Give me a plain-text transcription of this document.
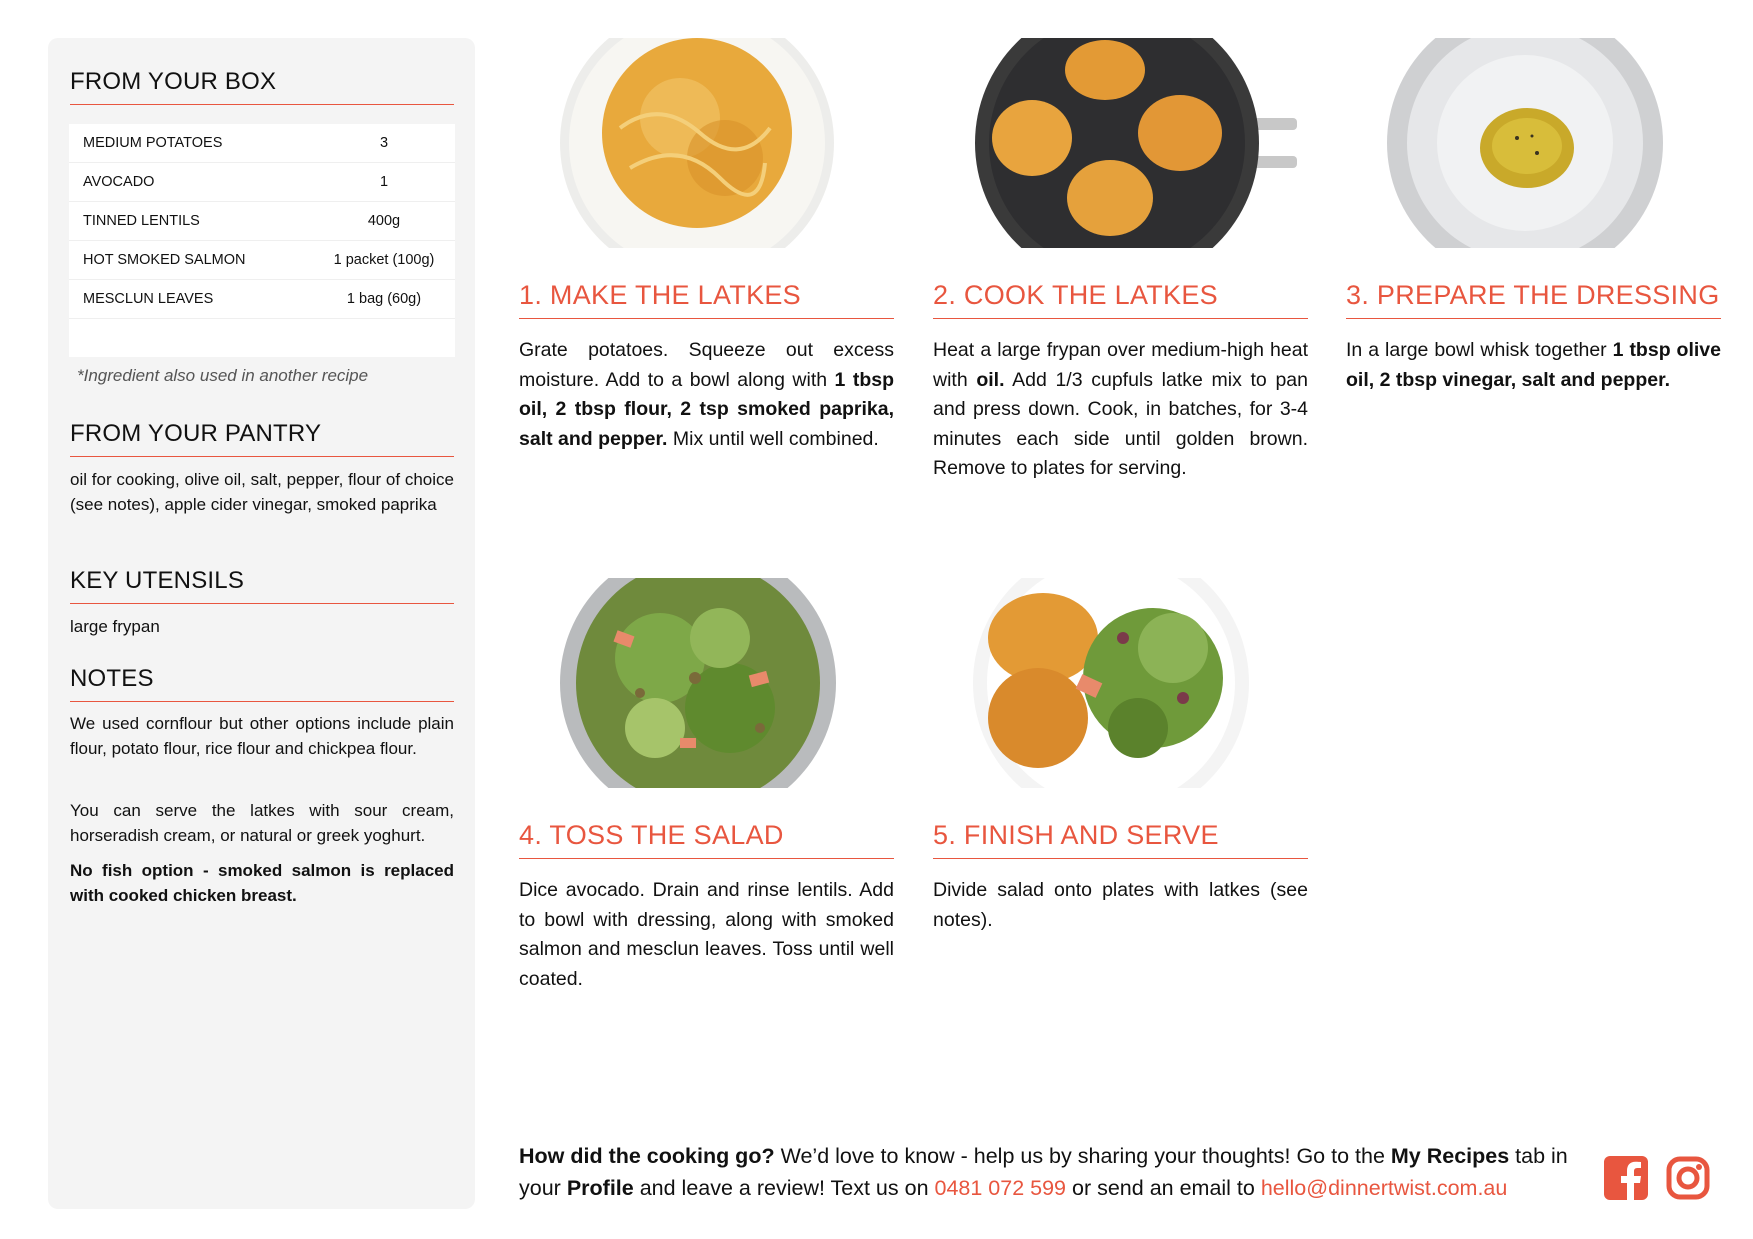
FROM YOUR BOX
MEDIUM POTATOES	3
AVOCADO	1
TINNED LENTILS	400g
HOT SMOKED SALMON	1 packet (100g)
MESCLUN LEAVES	1 bag (60g)

*Ingredient also used in another recipe
FROM YOUR PANTRY

oil for cooking, olive oil, salt, pepper, flour of choice (see notes), apple cider vinegar, smoked paprika

KEY UTENSILS

large frypan

NOTES

We used cornflour but other options include plain flour, potato flour, rice flour and chickpea flour.

You can serve the latkes with sour cream, horseradish cream, or natural or greek yoghurt.

No fish option - smoked salmon is replaced with cooked chicken breast.

1. MAKE THE LATKES

Grate potatoes. Squeeze out excess moisture. Add to a bowl along with 1 tbsp oil, 2 tbsp flour, 2 tsp smoked paprika, salt and pepper. Mix until well combined.

2. COOK THE LATKES

Heat a large frypan over medium-high heat with oil. Add 1/3 cupfuls latke mix to pan and press down. Cook, in batches, for 3-4 minutes each side until golden brown. Remove to plates for serving.

3. PREPARE THE DRESSING

In a large bowl whisk together 1 tbsp olive oil, 2 tbsp vinegar, salt and pepper.

4. TOSS THE SALAD

Dice avocado. Drain and rinse lentils. Add to bowl with dressing, along with smoked salmon and mesclun leaves. Toss until well coated.

5. FINISH AND SERVE

Divide salad onto plates with latkes (see notes).

How did the cooking go? We’d love to know - help us by sharing your thoughts! Go to the My Recipes tab in your Profile and leave a review! Text us on 0481 072 599 or send an email to hello@dinnertwist.com.au
